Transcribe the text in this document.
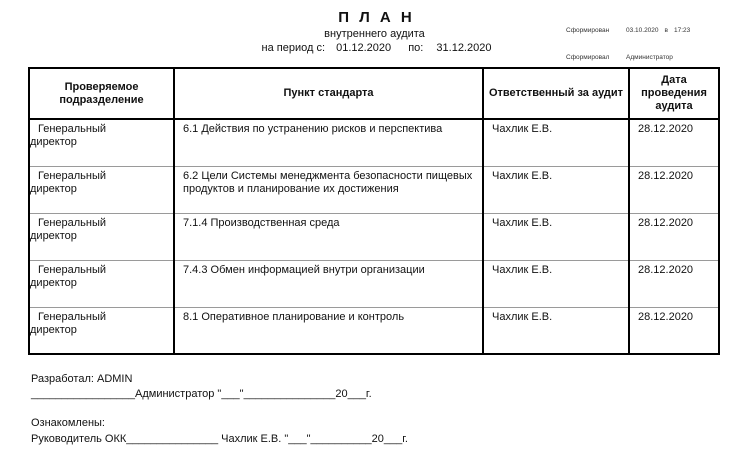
Сформирован	03.10.2020 в 17:23

Сформировал	Администратор

П Л А Н
внутреннего аудита
на период с: 01.12.2020 по: 31.12.2020
Проверяемое подразделение	Пункт стандарта	Ответственный за аудит	Дата проведения аудита

Генеральный
директор	6.1 Действия по устранению рисков и перспектива	Чахлик Е.В.	28.12.2020

Генеральный
директор	6.2 Цели Системы менеджмента безопасности пищевых продуктов и планирование их достижения	Чахлик Е.В.	28.12.2020

Генеральный
директор	7.1.4 Производственная среда	Чахлик Е.В.	28.12.2020

Генеральный
директор	7.4.3 Обмен информацией внутри организации	Чахлик Е.В.	28.12.2020

Генеральный
директор	8.1 Оперативное планирование и контроль	Чахлик Е.В.	28.12.2020
Разработал: ADMIN
_________________Администратор "___"_______________20___г.
Ознакомлены:
Руководитель ОКК_______________ Чахлик Е.В. "___"__________20___г.
